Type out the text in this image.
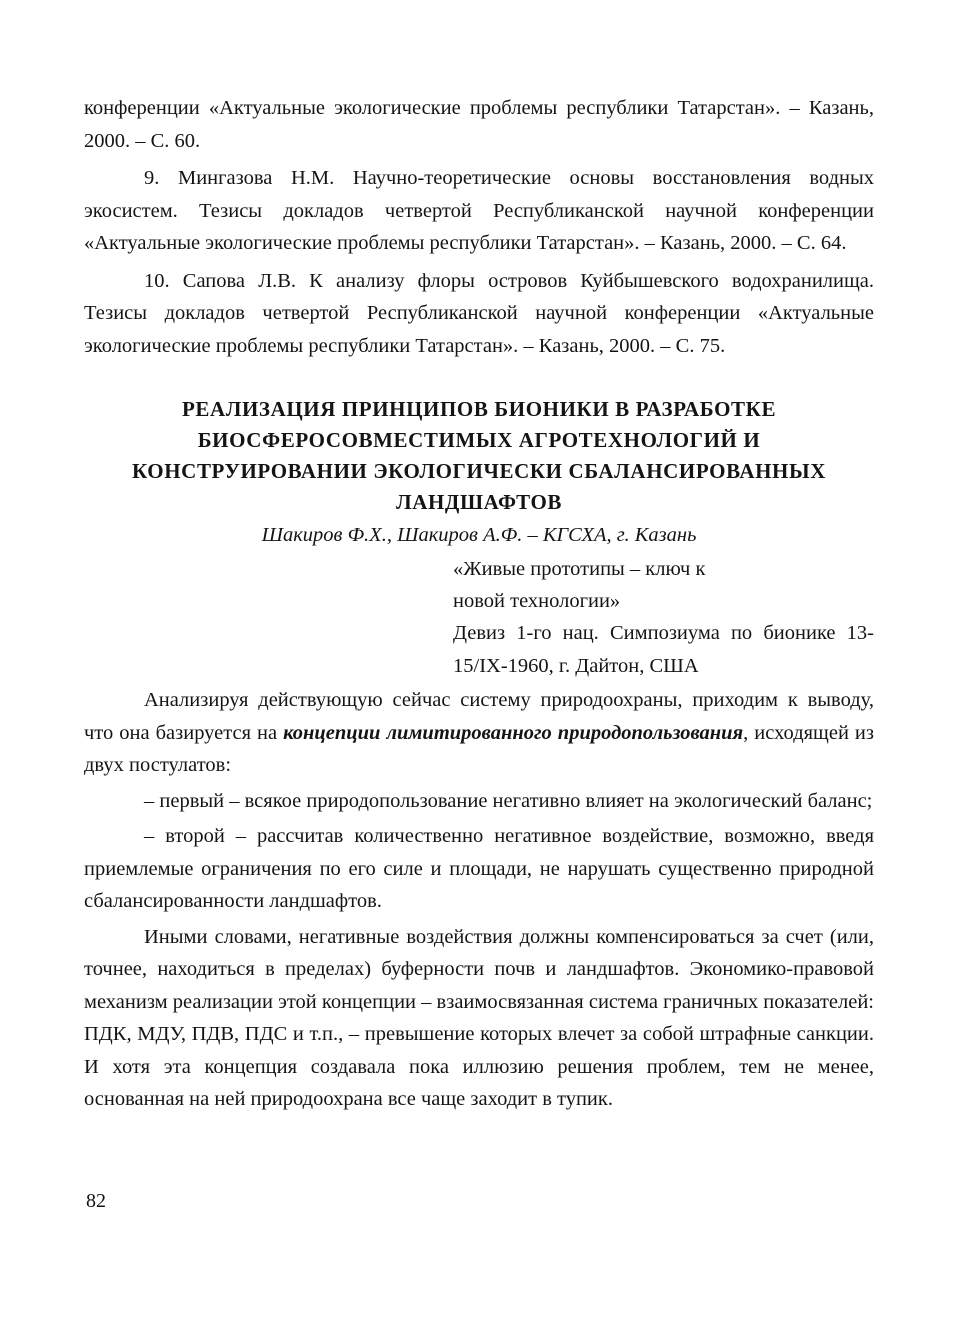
конференции «Актуальные экологические проблемы республики Татарстан». – Казань, 2000. – С. 60.

9. Мингазова Н.М. Научно-теоретические основы восстановления водных экосистем. Тезисы докладов четвертой Республиканской научной конференции «Актуальные экологические проблемы республики Татарстан». – Казань, 2000. – С. 64.

10. Сапова Л.В. К анализу флоры островов Куйбышевского водохранилища. Тезисы докладов четвертой Республиканской научной конференции «Актуальные экологические проблемы республики Татарстан». – Казань, 2000. – С. 75.

РЕАЛИЗАЦИЯ ПРИНЦИПОВ БИОНИКИ В РАЗРАБОТКЕ
БИОСФЕРОСОВМЕСТИМЫХ АГРОТЕХНОЛОГИЙ И
КОНСТРУИРОВАНИИ ЭКОЛОГИЧЕСКИ СБАЛАНСИРОВАННЫХ
ЛАНДШАФТОВ
Шакиров Ф.Х., Шакиров А.Ф. – КГСХА, г. Казань
«Живые прототипы – ключ к
новой технологии»

Девиз 1-го нац. Симпозиума по бионике 13-15/IX-1960, г. Дайтон, США

Анализируя действующую сейчас систему природоохраны, приходим к выводу, что она базируется на концепции лимитированного природопользования, исходящей из двух постулатов:

– первый – всякое природопользование негативно влияет на экологический баланс;

– второй – рассчитав количественно негативное воздействие, возможно, введя приемлемые ограничения по его силе и площади, не нарушать существенно природной сбалансированности ландшафтов.

Иными словами, негативные воздействия должны компенсироваться за счет (или, точнее, находиться в пределах) буферности почв и ландшафтов. Экономико-правовой механизм реализации этой концепции – взаимосвязанная система граничных показателей: ПДК, МДУ, ПДВ, ПДС и т.п., – превышение которых влечет за собой штрафные санкции. И хотя эта концепция создавала пока иллюзию решения проблем, тем не менее, основанная на ней природоохрана все чаще заходит в тупик.

82
